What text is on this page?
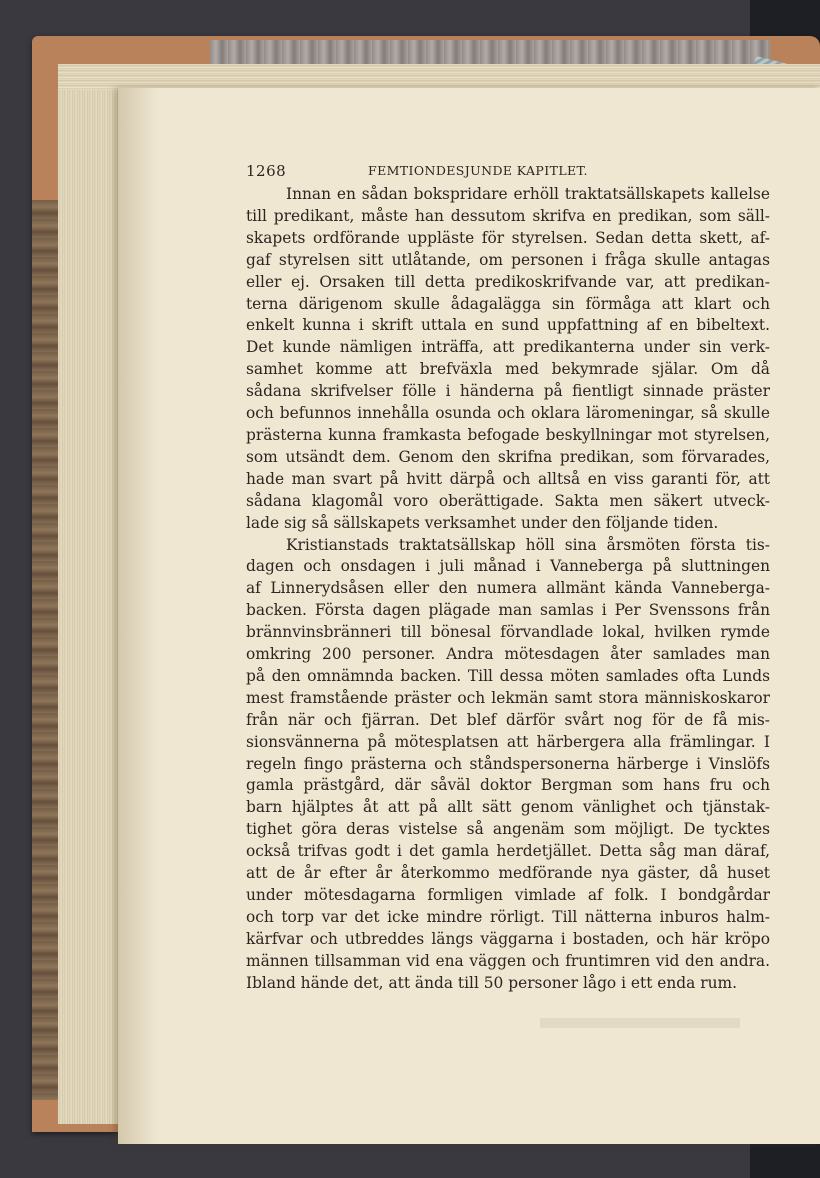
1268	FEMTIONDESJUNDE KAPITLET.

Innan en sådan bokspridare erhöll traktatsällskapets kallelse
till predikant, måste han dessutom skrifva en predikan, som säll-
skapets ordförande uppläste för styrelsen. Sedan detta skett, af-
gaf styrelsen sitt utlåtande, om personen i fråga skulle antagas
eller ej. Orsaken till detta predikoskrifvande var, att predikan-
terna därigenom skulle ådagalägga sin förmåga att klart och
enkelt kunna i skrift uttala en sund uppfattning af en bibeltext.
Det kunde nämligen inträffa, att predikanterna under sin verk-
samhet komme att brefväxla med bekymrade själar. Om då
sådana skrifvelser fölle i händerna på fientligt sinnade präster
och befunnos innehålla osunda och oklara läromeningar, så skulle
prästerna kunna framkasta befogade beskyllningar mot styrelsen,
som utsändt dem. Genom den skrifna predikan, som förvarades,
hade man svart på hvitt därpå och alltså en viss garanti för, att
sådana klagomål voro oberättigade. Sakta men säkert utveck-
lade sig så sällskapets verksamhet under den följande tiden.

Kristianstads traktatsällskap höll sina årsmöten första tis-
dagen och onsdagen i juli månad i Vanneberga på sluttningen
af Linnerydsåsen eller den numera allmänt kända Vanneberga-
backen. Första dagen plägade man samlas i Per Svenssons från
brännvinsbränneri till bönesal förvandlade lokal, hvilken rymde
omkring 200 personer. Andra mötesdagen åter samlades man
på den omnämnda backen. Till dessa möten samlades ofta Lunds
mest framstående präster och lekmän samt stora människoskaror
från när och fjärran. Det blef därför svårt nog för de få mis-
sionsvännerna på mötesplatsen att härbergera alla främlingar. I
regeln fingo prästerna och ståndspersonerna härberge i Vinslöfs
gamla prästgård, där såväl doktor Bergman som hans fru och
barn hjälptes åt att på allt sätt genom vänlighet och tjänstak-
tighet göra deras vistelse så angenäm som möjligt. De tycktes
också trifvas godt i det gamla herdetjället. Detta såg man däraf,
att de år efter år återkommo medförande nya gäster, då huset
under mötesdagarna formligen vimlade af folk. I bondgårdar
och torp var det icke mindre rörligt. Till nätterna inburos halm-
kärfvar och utbreddes längs väggarna i bostaden, och här kröpo
männen tillsamman vid ena väggen och fruntimren vid den andra.
Ibland hände det, att ända till 50 personer lågo i ett enda rum.
